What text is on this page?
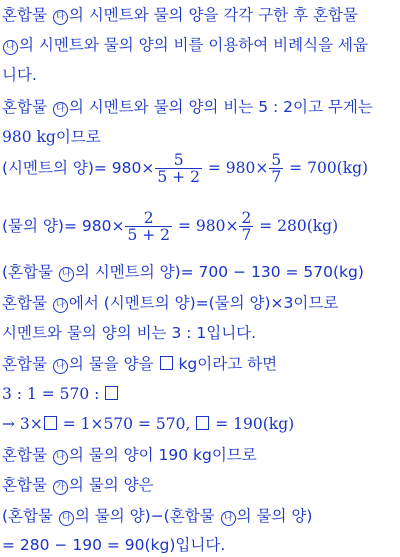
혼합물 다 의 시멘트와 물의 양을 각각 구한 후 혼합물
나 의 시멘트와 물의 양의 비를 이용하여 비례식을 세웁
니다.
혼합물 다 의 시멘트와 물의 양의 비는 5 : 2이고 무게는
980 kg이므로
(시멘트의 양)= $980\times \frac{5}{5 + 2} = 980\times \frac{5}{7} = 700(kg)$
(물의 양)= $980\times \frac{2}{5 + 2} = 980\times \frac{2}{7} = 280(kg)$
(혼합물 나 의 시멘트의 양)= 700 − 130 = 570(kg)
혼합물 나 에서 (시멘트의 양)=(물의 양)×3이므로
시멘트와 물의 양의 비는 3 : 1입니다.
혼합물 나 의 물을 양을  kg이라고 하면
3 : 1 = 570 :
→ 3× = 1×570 = 570,  = 190(kg)
혼합물 나 의 물의 양이 190 kg이므로
혼합물 가 의 물의 양은
(혼합물 다 의 물의 양)−(혼합물 나 의 물의 양)
= 280 − 190 = 90(kg)입니다.
